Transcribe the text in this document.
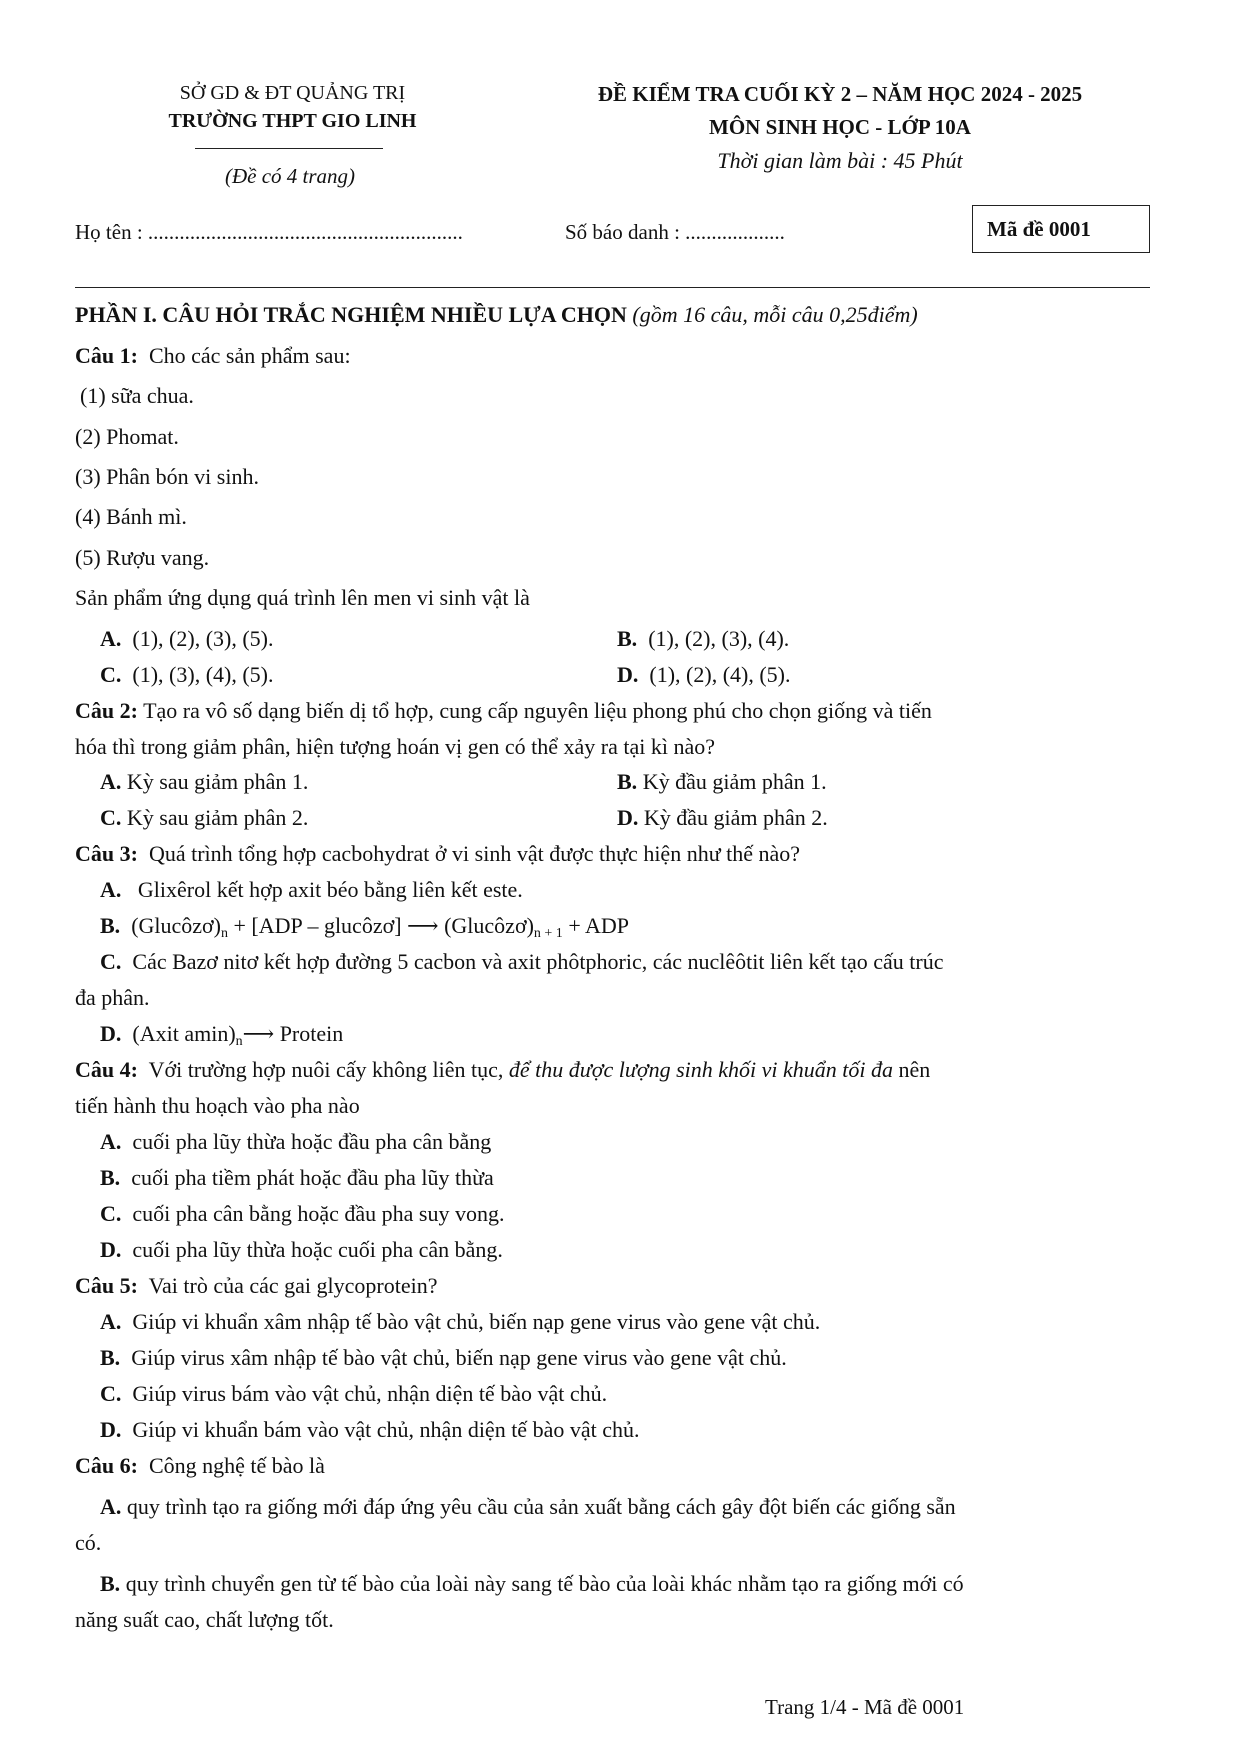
SỞ GD & ĐT QUẢNG TRỊ
TRƯỜNG THPT GIO LINH
(Đề có 4 trang)
ĐỀ KIỂM TRA CUỐI KỲ 2 – NĂM HỌC 2024 - 2025
MÔN SINH HỌC - LỚP 10A
Thời gian làm bài : 45 Phút
Họ tên : ............................................................	Số báo danh : ...................	Mã đề 0001
PHẦN I. CÂU HỎI TRẮC NGHIỆM NHIỀU LỰA CHỌN (gồm 16 câu, mỗi câu 0,25điểm)
Câu 1: Cho các sản phẩm sau:
(1) sữa chua.
(2) Phomat.
(3) Phân bón vi sinh.
(4) Bánh mì.
(5) Rượu vang.
Sản phẩm ứng dụng quá trình lên men vi sinh vật là
A. (1), (2), (3), (5).	B. (1), (2), (3), (4).
C. (1), (3), (4), (5).	D. (1), (2), (4), (5).
Câu 2: Tạo ra vô số dạng biến dị tổ hợp, cung cấp nguyên liệu phong phú cho chọn giống và tiến
hóa thì trong giảm phân, hiện tượng hoán vị gen có thể xảy ra tại kì nào?
A. Kỳ sau giảm phân 1.	B. Kỳ đầu giảm phân 1.
C. Kỳ sau giảm phân 2.	D. Kỳ đầu giảm phân 2.
Câu 3: Quá trình tổng hợp cacbohydrat ở vi sinh vật được thực hiện như thế nào?
A. Glixêrol kết hợp axit béo bằng liên kết este.
B. $(Glucôzơ)_n + [ADP$ – glucôzơ] ⟶ $(Glucôzơ)_{n + 1}$ + ADP
C. Các Bazơ nitơ kết hợp đường 5 cacbon và axit phôtphoric, các nuclêôtit liên kết tạo cấu trúc
đa phân.
D. (Axit $amin)_n⟶$ Protein
Câu 4: Với trường hợp nuôi cấy không liên tục, để thu được lượng sinh khối vi khuẩn tối đa nên
tiến hành thu hoạch vào pha nào
A. cuối pha lũy thừa hoặc đầu pha cân bằng
B. cuối pha tiềm phát hoặc đầu pha lũy thừa
C. cuối pha cân bằng hoặc đầu pha suy vong.
D. cuối pha lũy thừa hoặc cuối pha cân bằng.
Câu 5: Vai trò của các gai glycoprotein?
A. Giúp vi khuẩn xâm nhập tế bào vật chủ, biến nạp gene virus vào gene vật chủ.
B. Giúp virus xâm nhập tế bào vật chủ, biến nạp gene virus vào gene vật chủ.
C. Giúp virus bám vào vật chủ, nhận diện tế bào vật chủ.
D. Giúp vi khuẩn bám vào vật chủ, nhận diện tế bào vật chủ.
Câu 6: Công nghệ tế bào là
A. quy trình tạo ra giống mới đáp ứng yêu cầu của sản xuất bằng cách gây đột biến các giống sẵn
có.
B. quy trình chuyển gen từ tế bào của loài này sang tế bào của loài khác nhằm tạo ra giống mới có
năng suất cao, chất lượng tốt.
Trang 1/4 - Mã đề 0001
